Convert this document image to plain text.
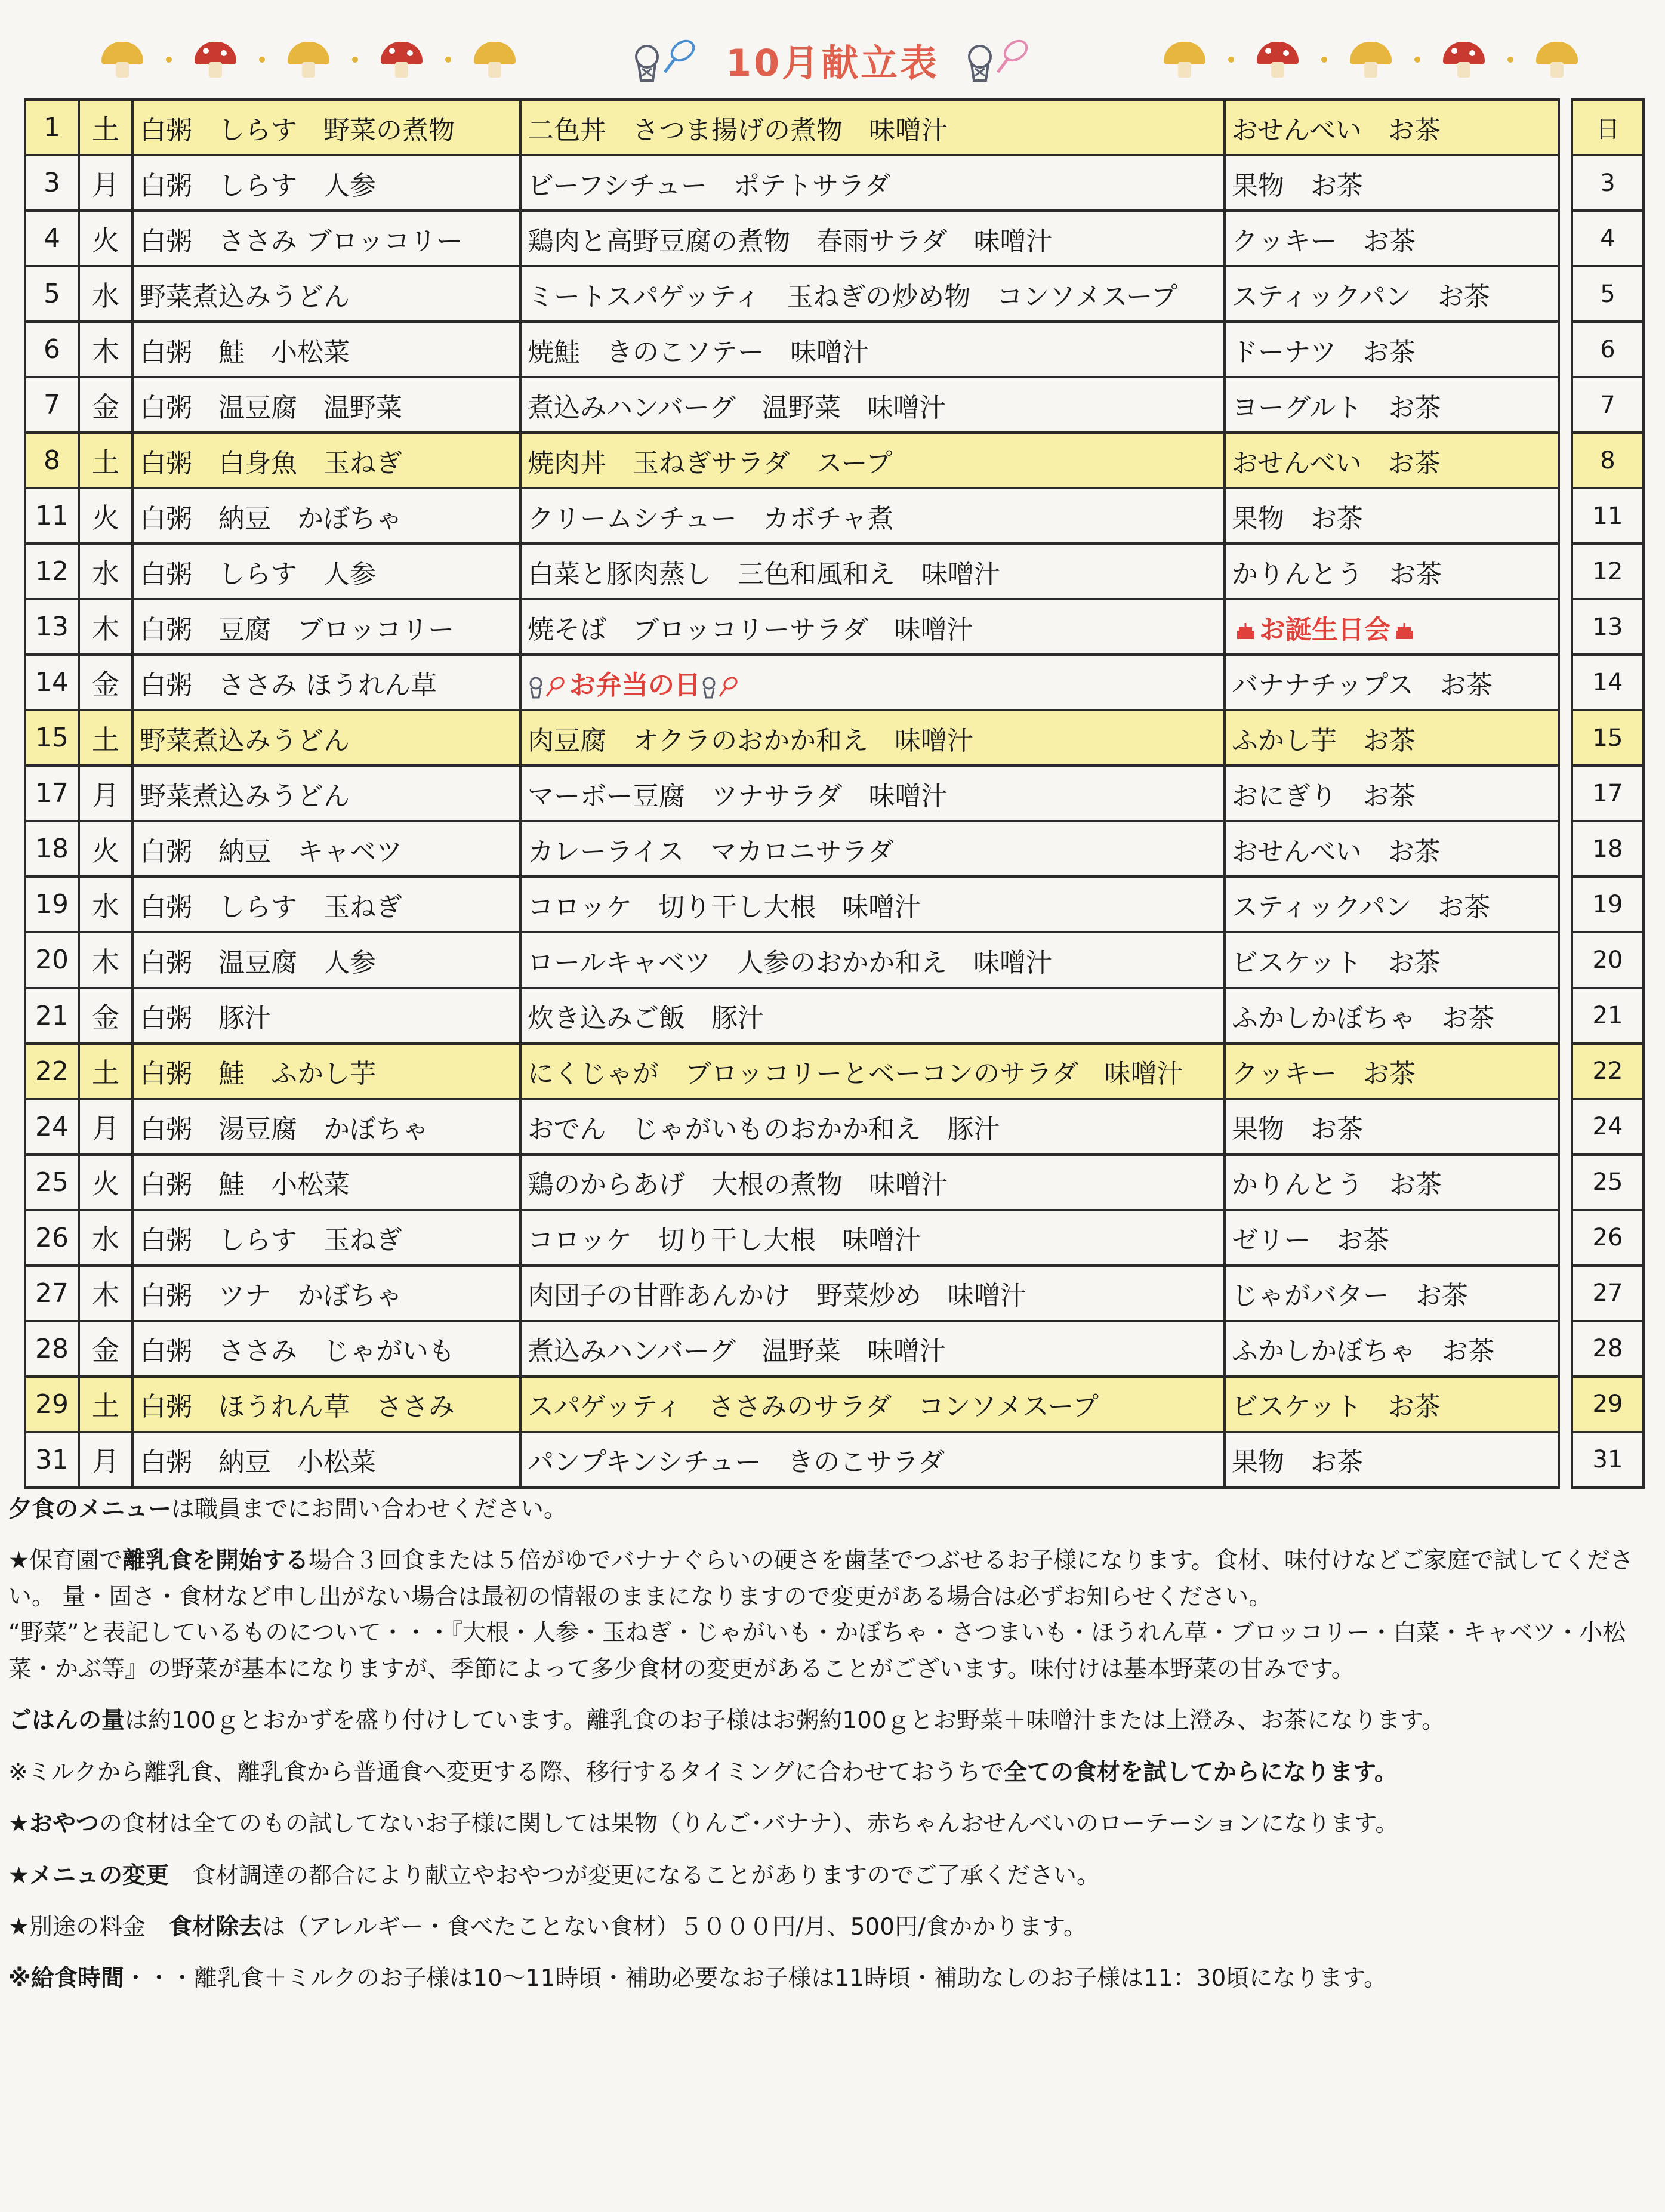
10月献立表
1	土	白粥　しらす　野菜の煮物	二色丼　さつま揚げの煮物　味噌汁	おせんべい　お茶		日
3	月	白粥　しらす　人参	ビーフシチュー　ポテトサラダ	果物　お茶		3
4	火	白粥　ささみ ブロッコリー	鶏肉と高野豆腐の煮物　春雨サラダ　味噌汁	クッキー　お茶		4
5	水	野菜煮込みうどん	ミートスパゲッティ　玉ねぎの炒め物　コンソメスープ	スティックパン　お茶		5
6	木	白粥　鮭　小松菜	焼鮭　きのこソテー　味噌汁	ドーナツ　お茶		6
7	金	白粥　温豆腐　温野菜	煮込みハンバーグ　温野菜　味噌汁	ヨーグルト　お茶		7
8	土	白粥　白身魚　玉ねぎ	焼肉丼　玉ねぎサラダ　スープ	おせんべい　お茶		8
11	火	白粥　納豆　かぼちゃ	クリームシチュー　カボチャ煮	果物　お茶		11
12	水	白粥　しらす　人参	白菜と豚肉蒸し　三色和風和え　味噌汁	かりんとう　お茶		12
13	木	白粥　豆腐　ブロッコリー	焼そば　ブロッコリーサラダ　味噌汁	お誕生日会		13
14	金	白粥　ささみ ほうれん草	お弁当の日	バナナチップス　お茶		14
15	土	野菜煮込みうどん	肉豆腐　オクラのおかか和え　味噌汁	ふかし芋　お茶		15
17	月	野菜煮込みうどん	マーボー豆腐　ツナサラダ　味噌汁	おにぎり　お茶		17
18	火	白粥　納豆　キャベツ	カレーライス　マカロニサラダ	おせんべい　お茶		18
19	水	白粥　しらす　玉ねぎ	コロッケ　切り干し大根　味噌汁	スティックパン　お茶		19
20	木	白粥　温豆腐　人参	ロールキャベツ　人参のおかか和え　味噌汁	ビスケット　お茶		20
21	金	白粥　豚汁	炊き込みご飯　豚汁	ふかしかぼちゃ　お茶		21
22	土	白粥　鮭　ふかし芋	にくじゃが　ブロッコリーとベーコンのサラダ　味噌汁	クッキー　お茶		22
24	月	白粥　湯豆腐　かぼちゃ	おでん　じゃがいものおかか和え　豚汁	果物　お茶		24
25	火	白粥　鮭　小松菜	鶏のからあげ　大根の煮物　味噌汁	かりんとう　お茶		25
26	水	白粥　しらす　玉ねぎ	コロッケ　切り干し大根　味噌汁	ゼリー　お茶		26
27	木	白粥　ツナ　かぼちゃ	肉団子の甘酢あんかけ　野菜炒め　味噌汁	じゃがバター　お茶		27
28	金	白粥　ささみ　じゃがいも	煮込みハンバーグ　温野菜　味噌汁	ふかしかぼちゃ　お茶		28
29	土	白粥　ほうれん草　ささみ	スパゲッティ　ささみのサラダ　コンソメスープ	ビスケット　お茶		29
31	月	白粥　納豆　小松菜	パンプキンシチュー　きのこサラダ	果物　お茶		31

夕食のメニューは職員までにお問い合わせください。

★保育園で離乳食を開始する場合３回食または５倍がゆでバナナぐらいの硬さを歯茎でつぶせるお子様になります。食材、味付けなどご家庭で試してください。 量・固さ・食材など申し出がない場合は最初の情報のままになりますので変更がある場合は必ずお知らせください。

“野菜”と表記しているものについて・・・『大根・人参・玉ねぎ・じゃがいも・かぼちゃ・さつまいも・ほうれん草・ブロッコリー・白菜・キャベツ・小松菜・かぶ等』の野菜が基本になりますが、季節によって多少食材の変更があることがございます。味付けは基本野菜の甘みです。

ごはんの量は約100ｇとおかずを盛り付けしています。離乳食のお子様はお粥約100ｇとお野菜＋味噌汁または上澄み、お茶になります。

※ミルクから離乳食、離乳食から普通食へ変更する際、移行するタイミングに合わせておうちで全ての食材を試してからになります。

★おやつの食材は全てのもの試してないお子様に関しては果物（りんご･バナナ）、赤ちゃんおせんべいのローテーションになります。

★メニュの変更　食材調達の都合により献立やおやつが変更になることがありますのでご了承ください。

★別途の料金　食材除去は（アレルギー・食べたことない食材）５０００円/月、500円/食かかります。

※給食時間・・・離乳食＋ミルクのお子様は10～11時頃・補助必要なお子様は11時頃・補助なしのお子様は11：30頃になります。
